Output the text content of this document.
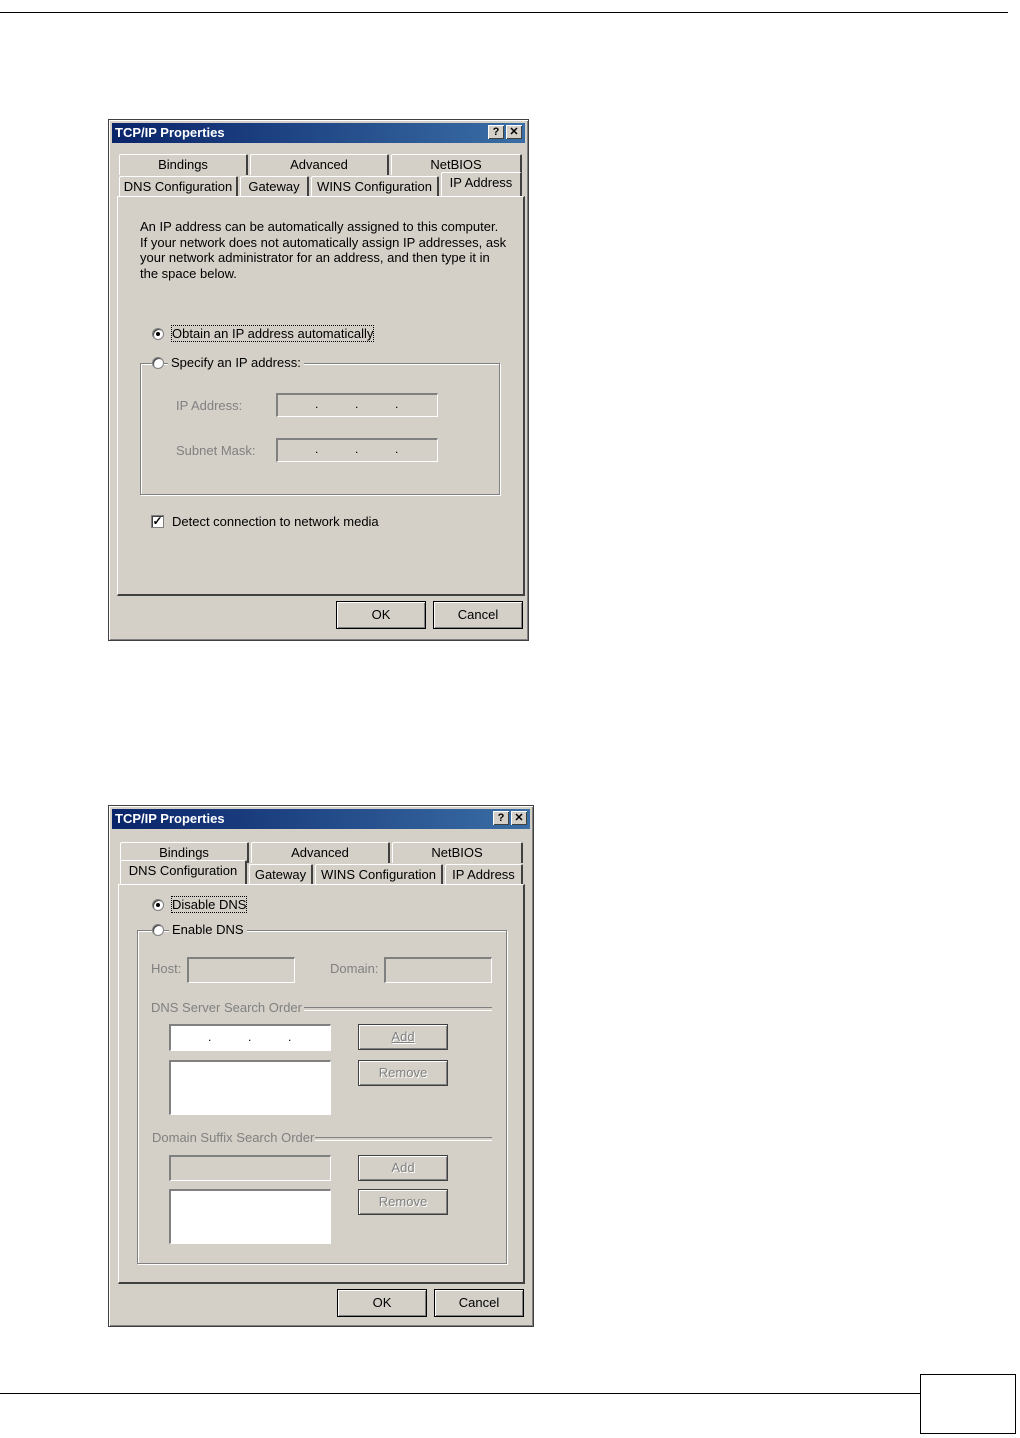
TCP/IP Properties	? ✕
Bindings	Advanced	NetBIOS
DNS Configuration	Gateway	WINS Configuration	IP Address
An IP address can be automatically assigned to this computer. If your network does not automatically assign IP addresses, ask your network administrator for an address, and then type it in the space below.
Obtain an IP address automatically
Specify an IP address:
IP Address:	.	.	.
Subnet Mask:	.	.	.
✓ Detect connection to network media
OK	Cancel
TCP/IP Properties	? ✕
Bindings	Advanced	NetBIOS
DNS Configuration	Gateway	WINS Configuration	IP Address
Disable DNS
Enable DNS
Host:	Domain:
DNS Server Search Order
.	.	.	Add
Remove
Domain Suffix Search Order
Add
Remove
OK	Cancel
